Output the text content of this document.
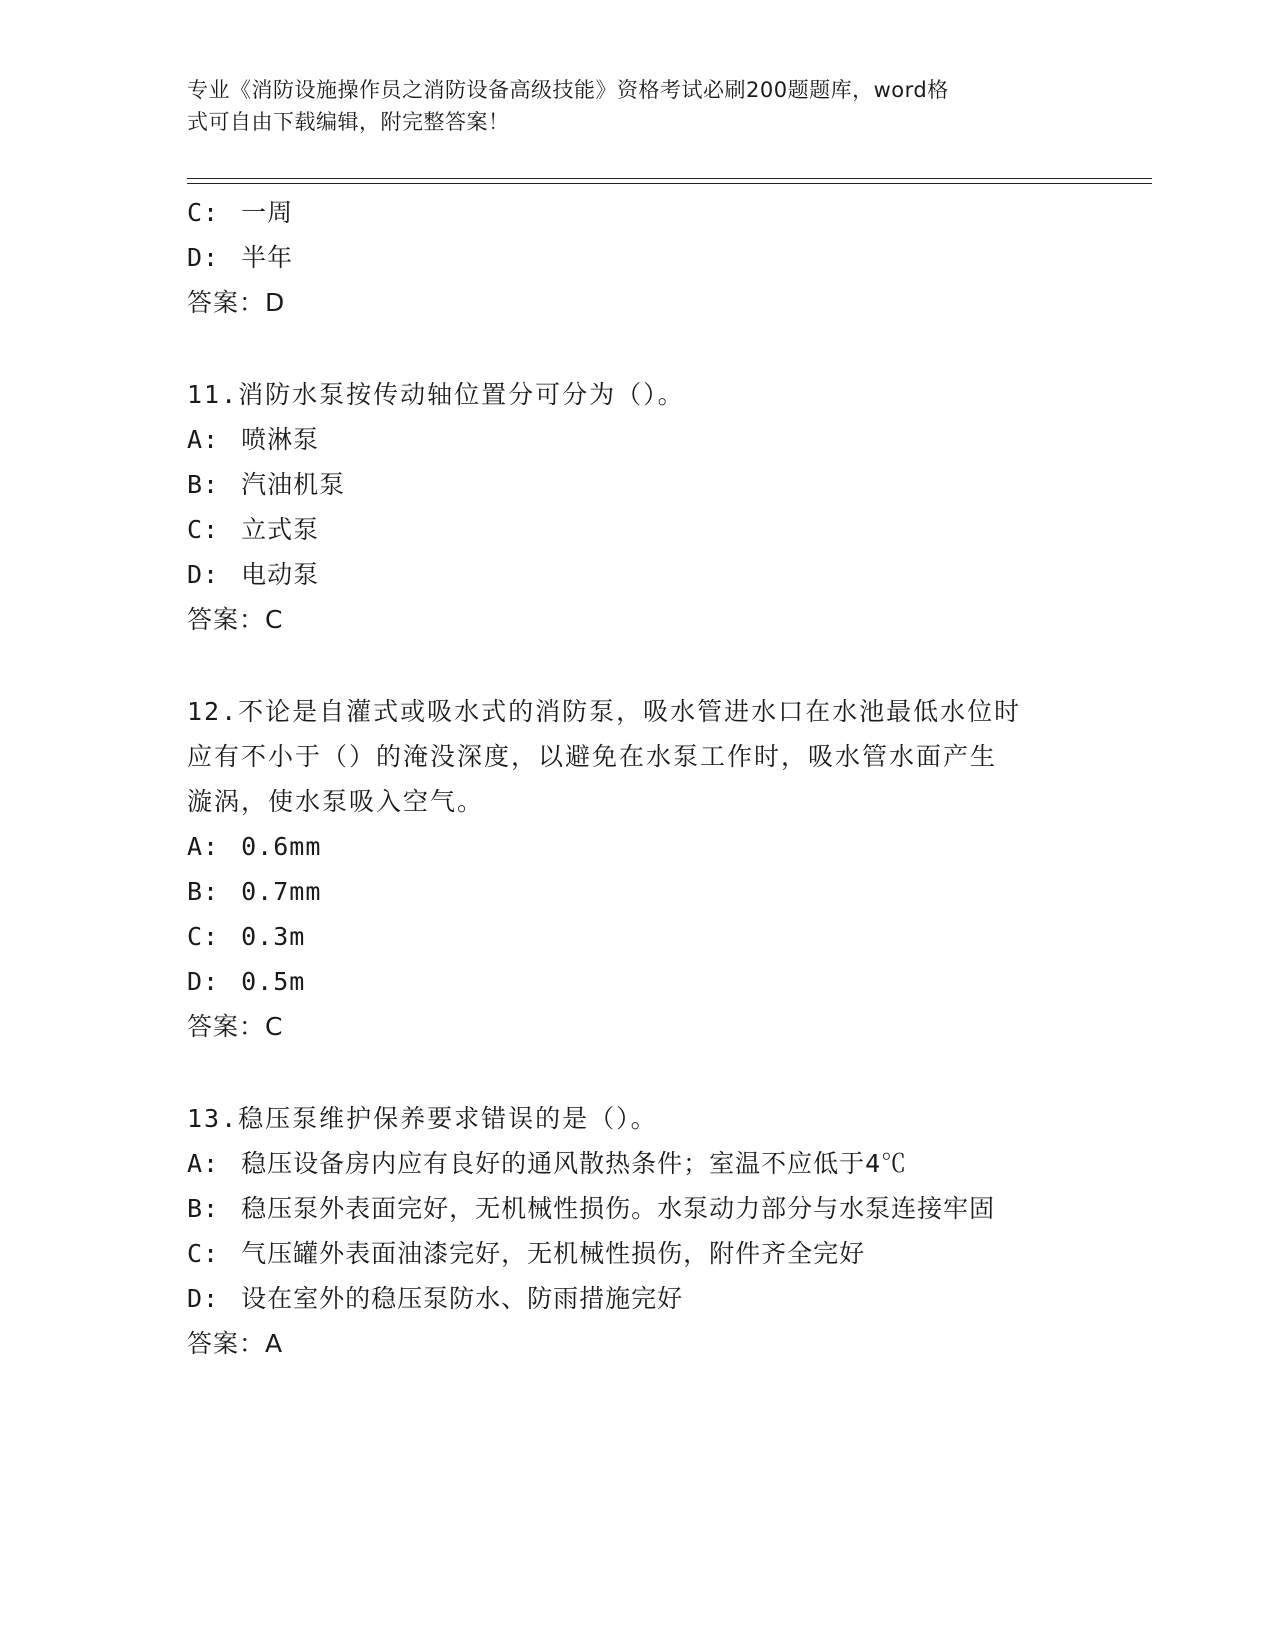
专业《消防设施操作员之消防设备高级技能》资格考试必刷200题题库，word格
式可自由下载编辑，附完整答案！
C: 一周
D: 半年
答案：D
11.消防水泵按传动轴位置分可分为（）。
A: 喷淋泵
B: 汽油机泵
C: 立式泵
D: 电动泵
答案：C
12.不论是自灌式或吸水式的消防泵，吸水管进水口在水池最低水位时
应有不小于（）的淹没深度，以避免在水泵工作时，吸水管水面产生
漩涡，使水泵吸入空气。
A: 0.6mm
B: 0.7mm
C: 0.3m
D: 0.5m
答案：C
13.稳压泵维护保养要求错误的是（）。
A: 稳压设备房内应有良好的通风散热条件；室温不应低于4℃
B: 稳压泵外表面完好，无机械性损伤。水泵动力部分与水泵连接牢固
C: 气压罐外表面油漆完好，无机械性损伤，附件齐全完好
D: 设在室外的稳压泵防水、防雨措施完好
答案：A
